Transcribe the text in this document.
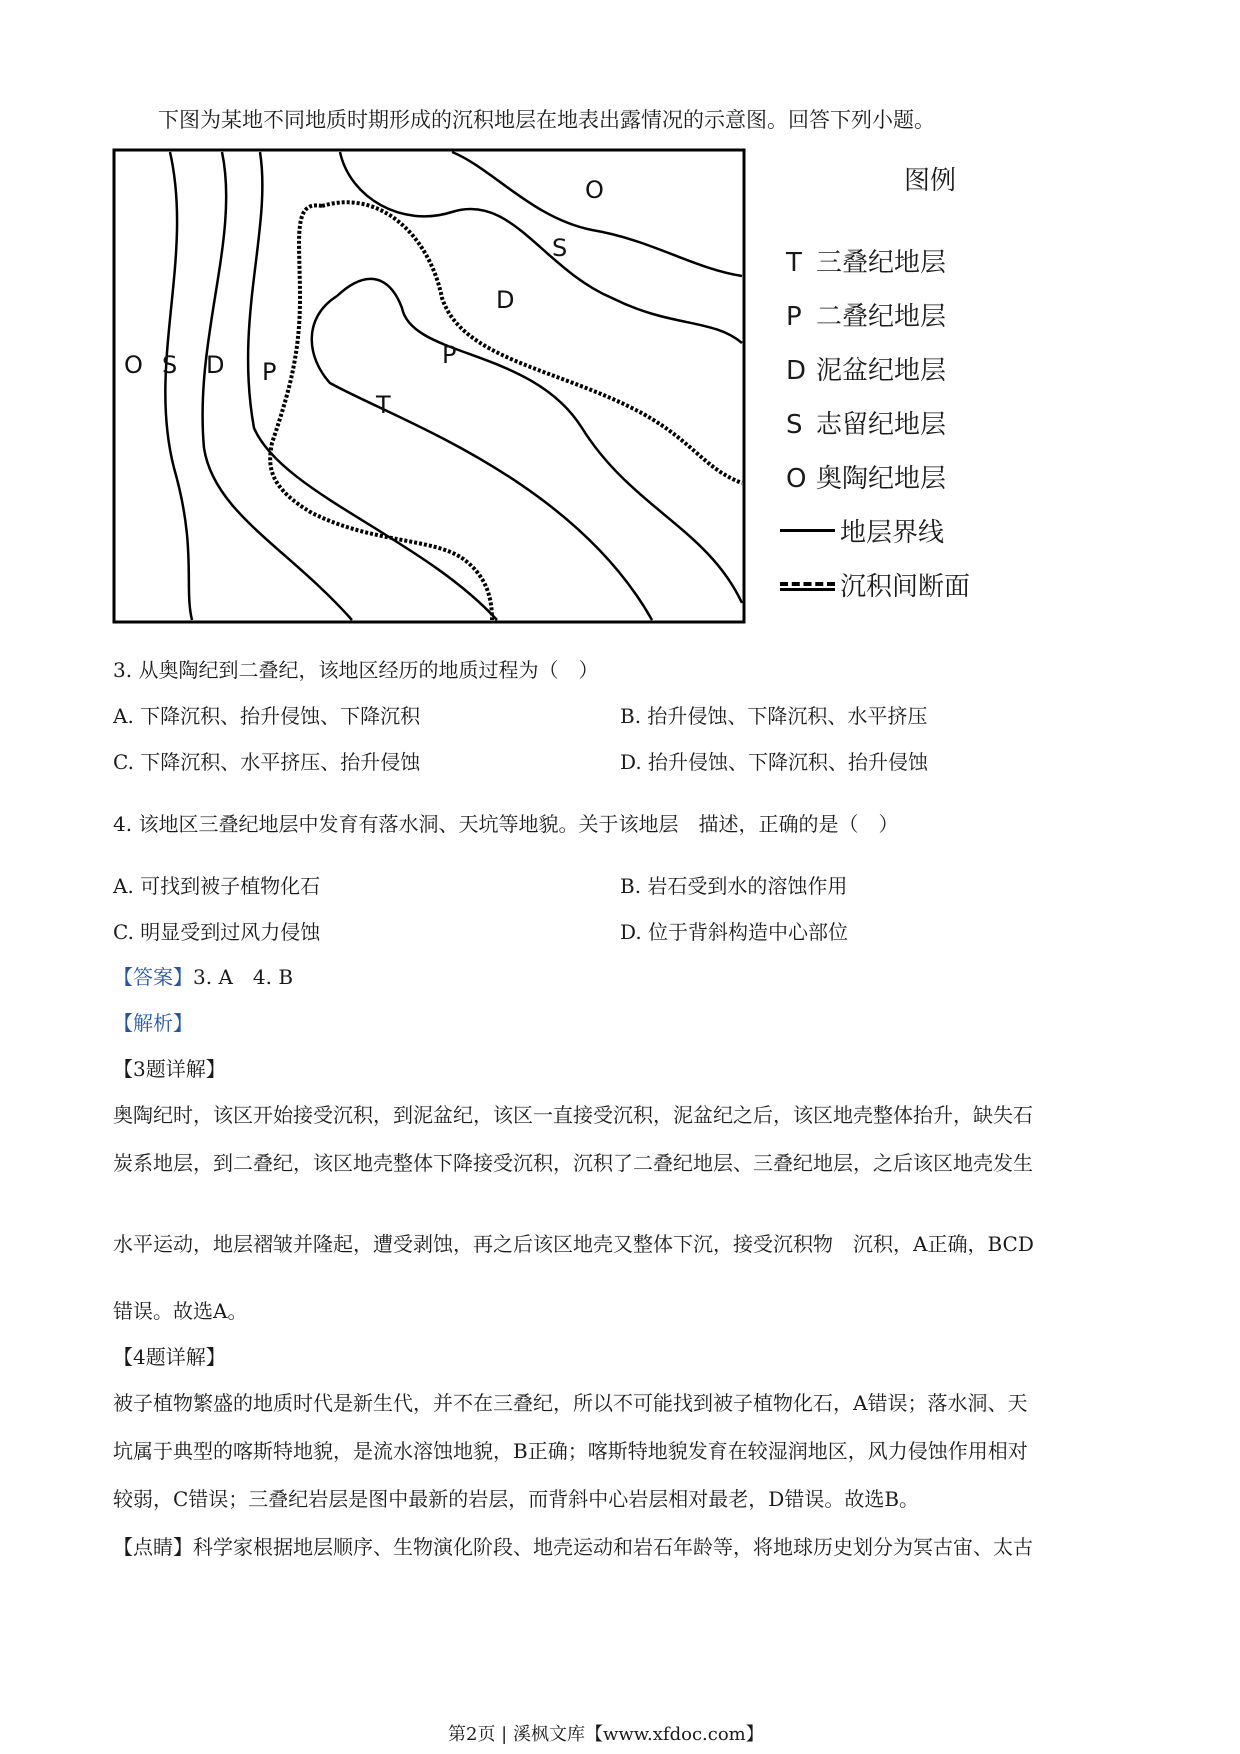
下图为某地不同地质时期形成的沉积地层在地表出露情况的示意图。回答下列小题。
O S D P
T
P
D
S
O	图例
T 三叠纪地层
P 二叠纪地层
D 泥盆纪地层
S 志留纪地层
O 奥陶纪地层
地层界线
沉积间断面
3. 从奥陶纪到二叠纪，该地区经历的地质过程为（　）
A. 下降沉积、抬升侵蚀、下降沉积	B. 抬升侵蚀、下降沉积、水平挤压
C. 下降沉积、水平挤压、抬升侵蚀	D. 抬升侵蚀、下降沉积、抬升侵蚀
4. 该地区三叠纪地层中发育有落水洞、天坑等地貌。关于该地层　描述，正确的是（　）
A. 可找到被子植物化石	B. 岩石受到水的溶蚀作用
C. 明显受到过风力侵蚀	D. 位于背斜构造中心部位
【答案】3. A　4. B
【解析】
【3题详解】
奥陶纪时，该区开始接受沉积，到泥盆纪，该区一直接受沉积，泥盆纪之后，该区地壳整体抬升，缺失石
炭系地层，到二叠纪，该区地壳整体下降接受沉积，沉积了二叠纪地层、三叠纪地层，之后该区地壳发生
水平运动，地层褶皱并隆起，遭受剥蚀，再之后该区地壳又整体下沉，接受沉积物　沉积，A正确，BCD
错误。故选A。
【4题详解】
被子植物繁盛的地质时代是新生代，并不在三叠纪，所以不可能找到被子植物化石，A错误；落水洞、天
坑属于典型的喀斯特地貌，是流水溶蚀地貌，B正确；喀斯特地貌发育在较湿润地区，风力侵蚀作用相对
较弱，C错误；三叠纪岩层是图中最新的岩层，而背斜中心岩层相对最老，D错误。故选B。
【点睛】科学家根据地层顺序、生物演化阶段、地壳运动和岩石年龄等，将地球历史划分为冥古宙、太古
第2页 | 溪枫文库【www.xfdoc.com】
